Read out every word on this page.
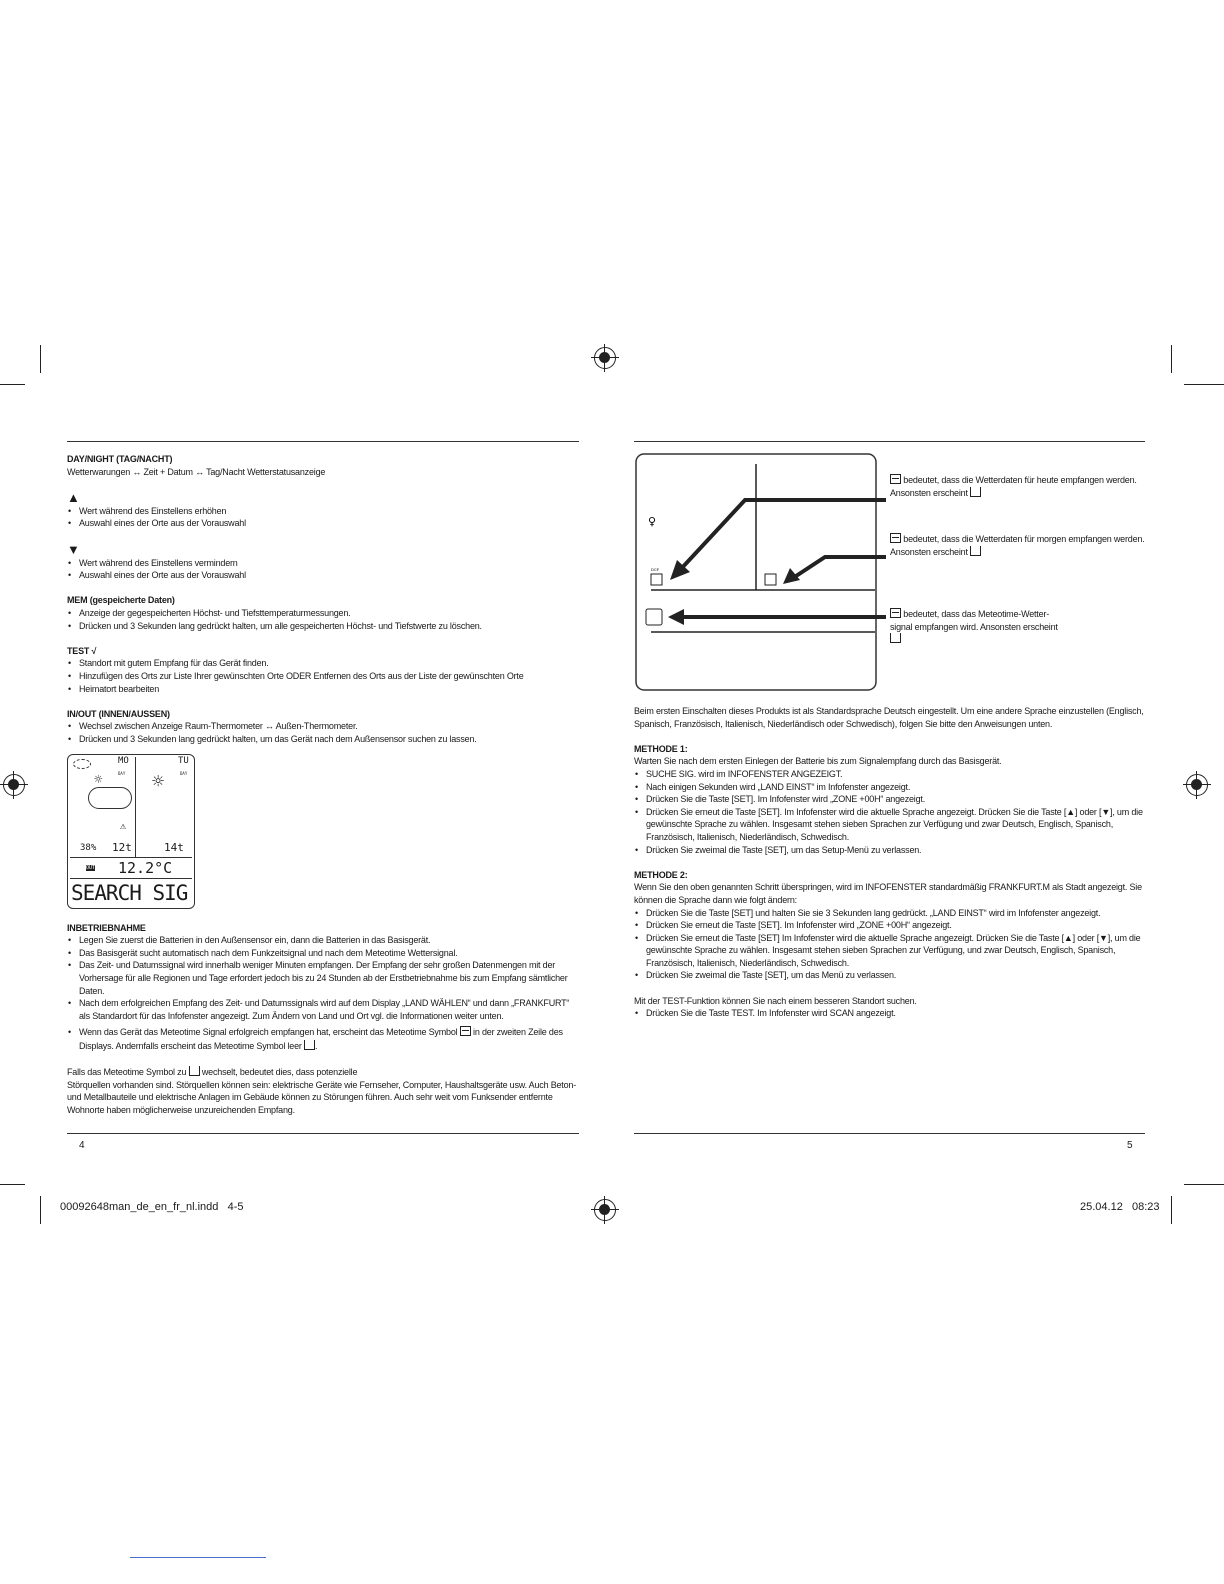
DAY/NIGHT (TAG/NACHT)
Wetterwarungen ↔ Zeit + Datum ↔ Tag/Nacht Wetterstatusanzeige
▲
• Wert während des Einstellens erhöhen
• Auswahl eines der Orte aus der Vorauswahl
▼
• Wert während des Einstellens vermindern
• Auswahl eines der Orte aus der Vorauswahl
MEM (gespeicherte Daten)
• Anzeige der gegespeicherten Höchst- und Tiefsttemperaturmessungen.
• Drücken und 3 Sekunden lang gedrückt halten, um alle gespeicherten Höchst- und Tiefstwerte zu löschen.
TEST √
• Standort mit gutem Empfang für das Gerät finden.
• Hinzufügen des Orts zur Liste Ihrer gewünschten Orte ODER Entfernen des Orts aus der Liste der gewünschten Orte
• Heimatort bearbeiten
IN/OUT (INNEN/AUSSEN)
• Wechsel zwischen Anzeige Raum-Thermometer ↔ Außen-Thermometer.
• Drücken und 3 Sekunden lang gedrückt halten, um das Gerät nach dem Außensensor suchen zu lassen.
MO	TU
☼	DAY ☼	DAY
⚠
38% 12t	14t
OUT 12.2°C
SEARCH SIG
INBETRIEBNAHME
• Legen Sie zuerst die Batterien in den Außensensor ein, dann die Batterien in das Basisgerät.
• Das Basisgerät sucht automatisch nach dem Funkzeitsignal und nach dem Meteotime Wettersignal.
• Das Zeit- und Datumssignal wird innerhalb weniger Minuten empfangen. Der Empfang der sehr großen Datenmengen mit der Vorhersage für alle Regionen und Tage erfordert jedoch bis zu 24 Stunden ab der Erstbetriebnahme bis zum Empfang sämtlicher Daten.
• Nach dem erfolgreichen Empfang des Zeit- und Datumssignals wird auf dem Display „LAND WÄHLEN“ und dann „FRANKFURT“ als Standardort für das Infofenster angezeigt. Zum Ändern von Land und Ort vgl. die Informationen weiter unten.
• Wenn das Gerät das Meteotime Signal erfolgreich empfangen hat, erscheint das Meteotime Symbol  in der zweiten Zeile des Displays. Andernfalls erscheint das Meteotime Symbol leer .
Falls das Meteotime Symbol zu  wechselt, bedeutet dies, dass potenzielle
Störquellen vorhanden sind. Störquellen können sein: elektrische Geräte wie Fernseher, Computer, Haushaltsgeräte usw. Auch Beton- und Metallbauteile und elektrische Anlagen im Gebäude können zu Störungen führen. Auch sehr weit vom Funksender entfernte Wohnorte haben möglicherweise unzureichenden Empfang.
4
♀
DCF
bedeutet, dass die Wetterdaten für heute empfangen werden. Ansonsten erscheint
bedeutet, dass die Wetterdaten für morgen empfangen werden. Ansonsten erscheint
bedeutet, dass das Meteotime-Wetter-signal empfangen wird. Ansonsten erscheint
Beim ersten Einschalten dieses Produkts ist als Standardsprache Deutsch eingestellt. Um eine andere Sprache einzustellen (Englisch, Spanisch, Französisch, Italienisch, Niederländisch oder Schwedisch), folgen Sie bitte den Anweisungen unten.
METHODE 1:
Warten Sie nach dem ersten Einlegen der Batterie bis zum Signalempfang durch das Basisgerät.
• SUCHE SIG. wird im INFOFENSTER ANGEZEIGT.
• Nach einigen Sekunden wird „LAND EINST“ im Infofenster angezeigt.
• Drücken Sie die Taste [SET]. Im Infofenster wird „ZONE +00H“ angezeigt.
• Drücken Sie erneut die Taste [SET]. Im Infofenster wird die aktuelle Sprache angezeigt. Drücken Sie die Taste [▲] oder [▼], um die gewünschte Sprache zu wählen. Insgesamt stehen sieben Sprachen zur Verfügung und zwar Deutsch, Englisch, Spanisch, Französisch, Italienisch, Niederländisch, Schwedisch.
• Drücken Sie zweimal die Taste [SET], um das Setup-Menü zu verlassen.
METHODE 2:
Wenn Sie den oben genannten Schritt überspringen, wird im INFOFENSTER standardmäßig FRANKFURT.M als Stadt angezeigt. Sie können die Sprache dann wie folgt ändern:
• Drücken Sie die Taste [SET] und halten Sie sie 3 Sekunden lang gedrückt. „LAND EINST“ wird im Infofenster angezeigt.
• Drücken Sie erneut die Taste [SET]. Im Infofenster wird „ZONE +00H“ angezeigt.
• Drücken Sie erneut die Taste [SET] Im Infofenster wird die aktuelle Sprache angezeigt. Drücken Sie die Taste [▲] oder [▼], um die gewünschte Sprache zu wählen. Insgesamt stehen sieben Sprachen zur Verfügung, und zwar Deutsch, Englisch, Spanisch, Französisch, Italienisch, Niederländisch, Schwedisch.
• Drücken Sie zweimal die Taste [SET], um das Menü zu verlassen.
Mit der TEST-Funktion können Sie nach einem besseren Standort suchen.
• Drücken Sie die Taste TEST. Im Infofenster wird SCAN angezeigt.
5
00092648man_de_en_fr_nl.indd   4-5	25.04.12   08:23
